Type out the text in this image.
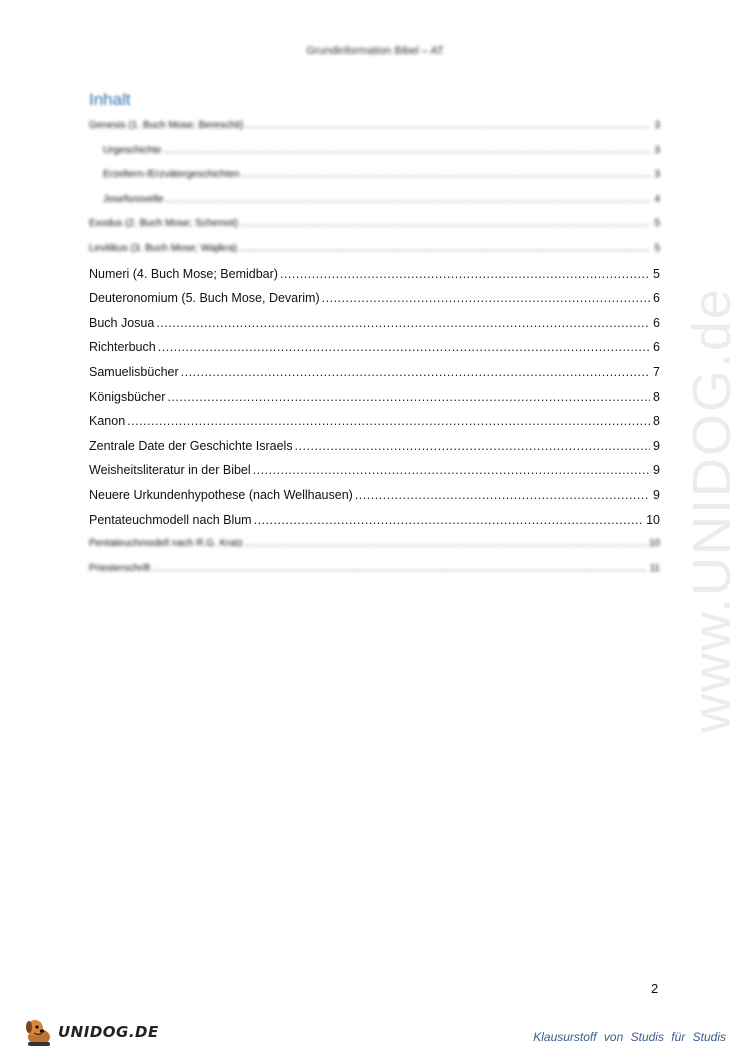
Grundinformation Bibel – AT
Inhalt
Genesis (1. Buch Mose; Bereschit) .....	3
Urgeschichte .....	3
Erzeltern-/Erzvätergeschichten .....	3
Josefsnovelle .....	4
Exodus (2. Buch Mose; Schemot) .....	5
Levitikus (3. Buch Mose; Wajikra) .....	5
Numeri (4. Buch Mose; Bemidbar) .....	5
Deuteronomium (5. Buch Mose, Devarim) .....	6
Buch Josua .....	6
Richterbuch .....	6
Samuelisbücher .....	7
Königsbücher .....	8
Kanon .....	8
Zentrale Date der Geschichte Israels .....	9
Weisheitsliteratur in der Bibel .....	9
Neuere Urkundenhypothese (nach Wellhausen) .....	9
Pentateuchmodell nach Blum .....	10
Pentateuchmodell nach R.G. Kratz .....	10
Priesterschrift .....	11 www.UNIDOG.de
2
UNIDOG.DE	Klausurstoff von Studis für Studis
